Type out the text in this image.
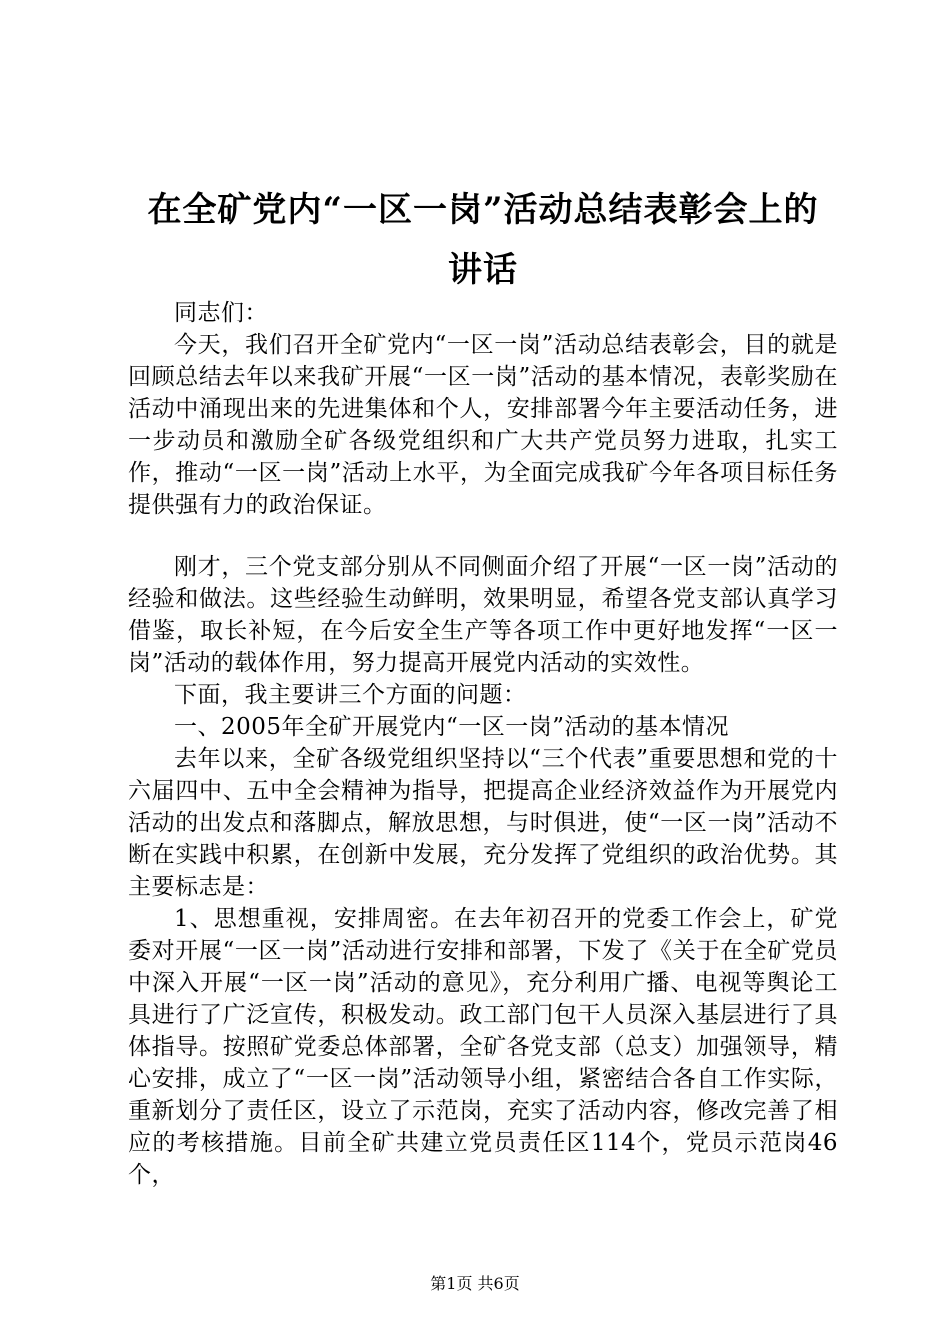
在全矿党内“一区一岗”活动总结表彰会上的
讲话

同志们：

今天，我们召开全矿党内“一区一岗”活动总结表彰会，目的就是回顾总结去年以来我矿开展“一区一岗”活动的基本情况，表彰奖励在活动中涌现出来的先进集体和个人，安排部署今年主要活动任务，进一步动员和激励全矿各级党组织和广大共产党员努力进取，扎实工作，推动“一区一岗”活动上水平，为全面完成我矿今年各项目标任务提供强有力的政治保证。

刚才，三个党支部分别从不同侧面介绍了开展“一区一岗”活动的经验和做法。这些经验生动鲜明，效果明显，希望各党支部认真学习借鉴，取长补短，在今后安全生产等各项工作中更好地发挥“一区一岗”活动的载体作用，努力提高开展党内活动的实效性。

下面，我主要讲三个方面的问题：

一、2005年全矿开展党内“一区一岗”活动的基本情况

去年以来，全矿各级党组织坚持以“三个代表”重要思想和党的十六届四中、五中全会精神为指导，把提高企业经济效益作为开展党内活动的出发点和落脚点，解放思想，与时俱进，使“一区一岗”活动不断在实践中积累，在创新中发展，充分发挥了党组织的政治优势。其主要标志是：

1、思想重视，安排周密。在去年初召开的党委工作会上，矿党委对开展“一区一岗”活动进行安排和部署，下发了《关于在全矿党员中深入开展“一区一岗”活动的意见》，充分利用广播、电视等舆论工具进行了广泛宣传，积极发动。政工部门包干人员深入基层进行了具体指导。按照矿党委总体部署，全矿各党支部（总支）加强领导，精心安排，成立了“一区一岗”活动领导小组，紧密结合各自工作实际，重新划分了责任区，设立了示范岗，充实了活动内容，修改完善了相应的考核措施。目前全矿共建立党员责任区114个，党员示范岗46个，

第1页 共6页
